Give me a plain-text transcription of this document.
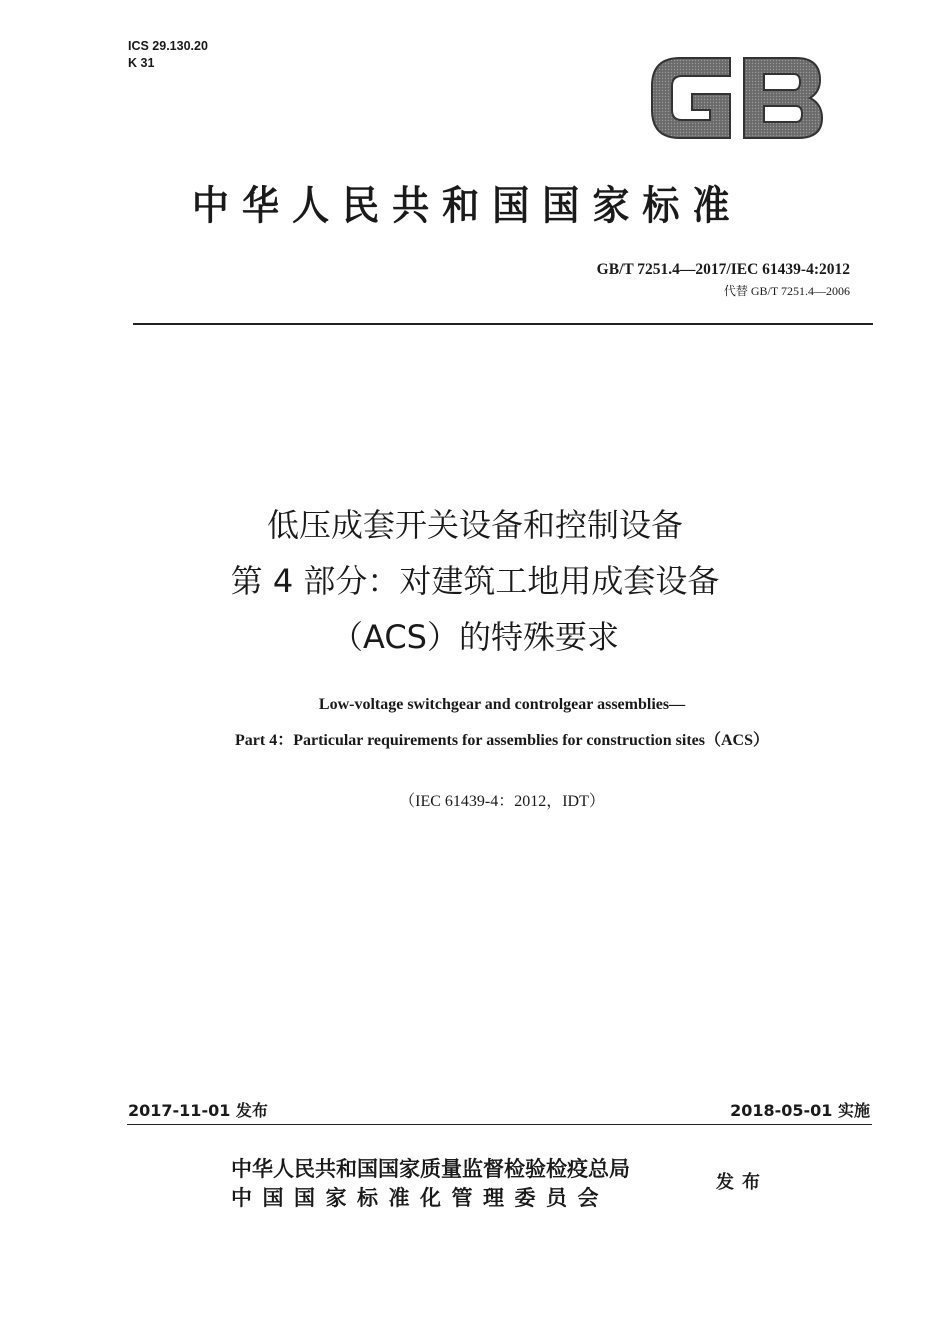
ICS 29.130.20
K 31
中华人民共和国国家标准
GB/T 7251.4—2017/IEC 61439-4:2012
代替 GB/T 7251.4—2006
低压成套开关设备和控制设备
第 4 部分：对建筑工地用成套设备
（ACS）的特殊要求
Low-voltage switchgear and controlgear assemblies—
Part 4：Particular requirements for assemblies for construction sites（ACS）
（IEC 61439-4：2012，IDT）
2017-11-01 发布	2018-05-01 实施
中华人民共和国国家质量监督检验检疫总局
中国国家标准化管理委员会
发布
